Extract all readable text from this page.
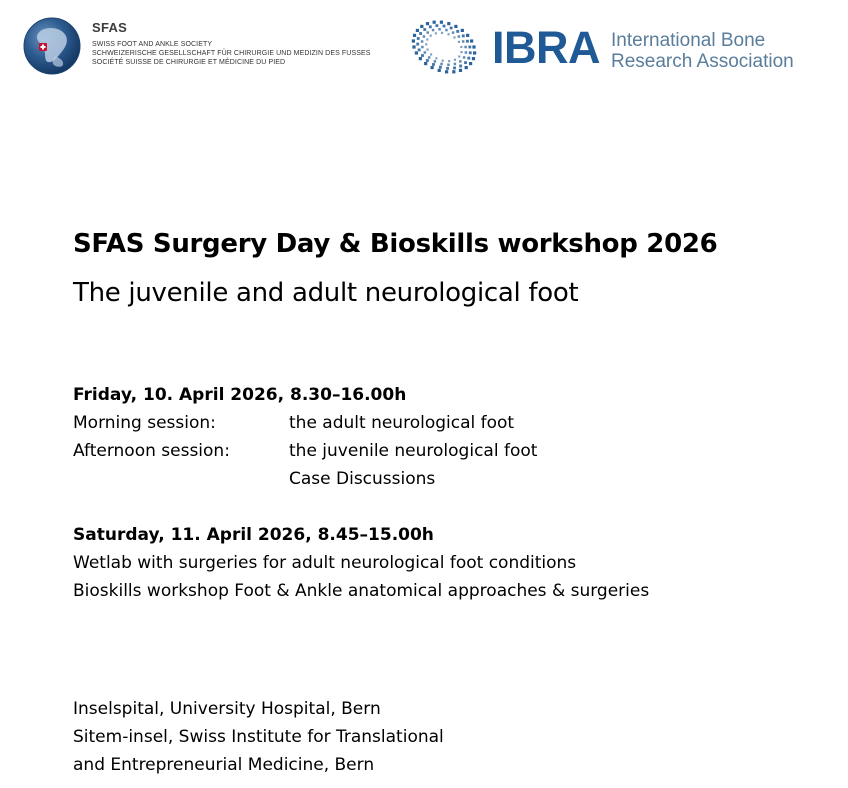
SFAS
SWISS FOOT AND ANKLE SOCIETY
SCHWEIZERISCHE GESELLSCHAFT FÜR CHIRURGIE UND MEDIZIN DES FUSSES
SOCIÉTÉ SUISSE DE CHIRURGIE ET MÉDICINE DU PIED	IBRA International Bone
Research Association
SFAS Surgery Day & Bioskills workshop 2026
The juvenile and adult neurological foot
Friday, 10. April 2026, 8.30–16.00h
Morning session:	the adult neurological foot
Afternoon session:	the juvenile neurological foot
Case Discussions
Saturday, 11. April 2026, 8.45–15.00h
Wetlab with surgeries for adult neurological foot conditions
Bioskills workshop Foot & Ankle anatomical approaches & surgeries
Inselspital, University Hospital, Bern
Sitem-insel, Swiss Institute for Translational
and Entrepreneurial Medicine, Bern
